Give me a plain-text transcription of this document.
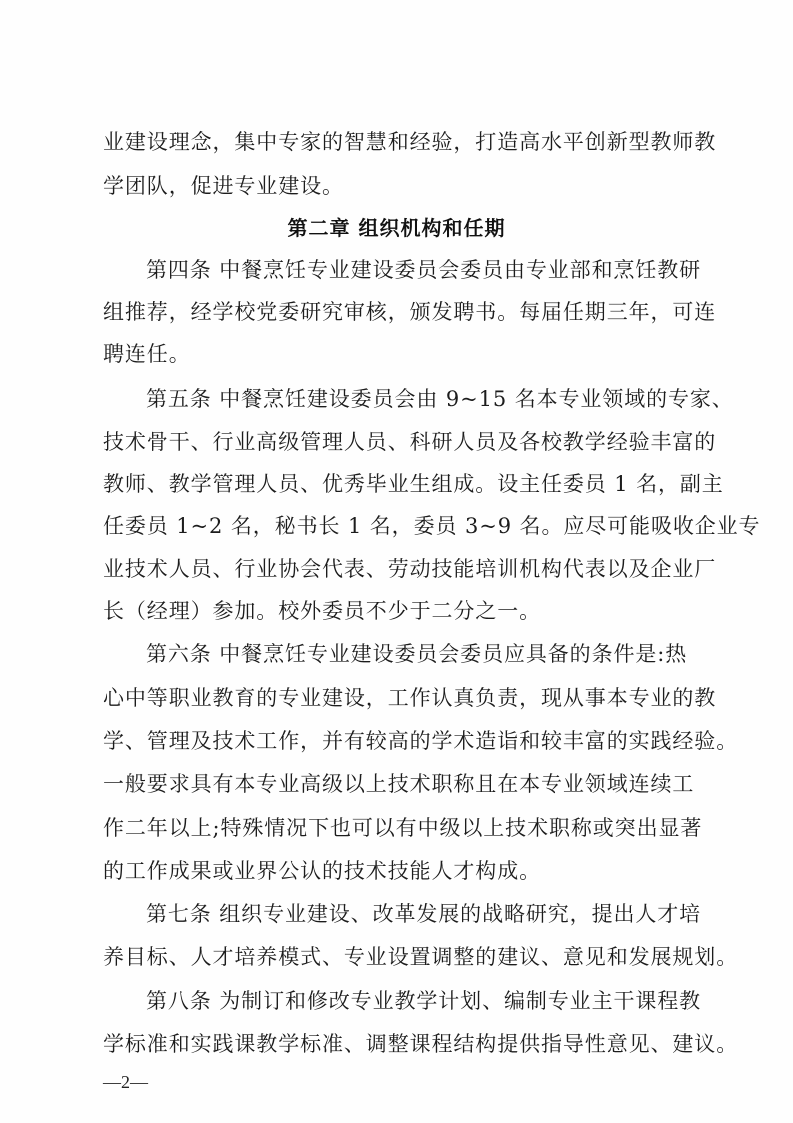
业建设理念，集中专家的智慧和经验，打造高水平创新型教师教
学团队，促进专业建设。
第二章 组织机构和任期
第四条 中餐烹饪专业建设委员会委员由专业部和烹饪教研
组推荐，经学校党委研究审核，颁发聘书。每届任期三年，可连
聘连任。
第五条 中餐烹饪建设委员会由 9~15 名本专业领域的专家、
技术骨干、行业高级管理人员、科研人员及各校教学经验丰富的
教师、教学管理人员、优秀毕业生组成。设主任委员 1 名，副主
任委员 1~2 名，秘书长 1 名，委员 3~9 名。应尽可能吸收企业专
业技术人员、行业协会代表、劳动技能培训机构代表以及企业厂
长（经理）参加。校外委员不少于二分之一。
第六条 中餐烹饪专业建设委员会委员应具备的条件是:热
心中等职业教育的专业建设，工作认真负责，现从事本专业的教
学、管理及技术工作，并有较高的学术造诣和较丰富的实践经验。
一般要求具有本专业高级以上技术职称且在本专业领域连续工
作二年以上;特殊情况下也可以有中级以上技术职称或突出显著
的工作成果或业界公认的技术技能人才构成。
第七条 组织专业建设、改革发展的战略研究，提出人才培
养目标、人才培养模式、专业设置调整的建议、意见和发展规划。
第八条 为制订和修改专业教学计划、编制专业主干课程教
学标准和实践课教学标准、调整课程结构提供指导性意见、建议。
—2—
